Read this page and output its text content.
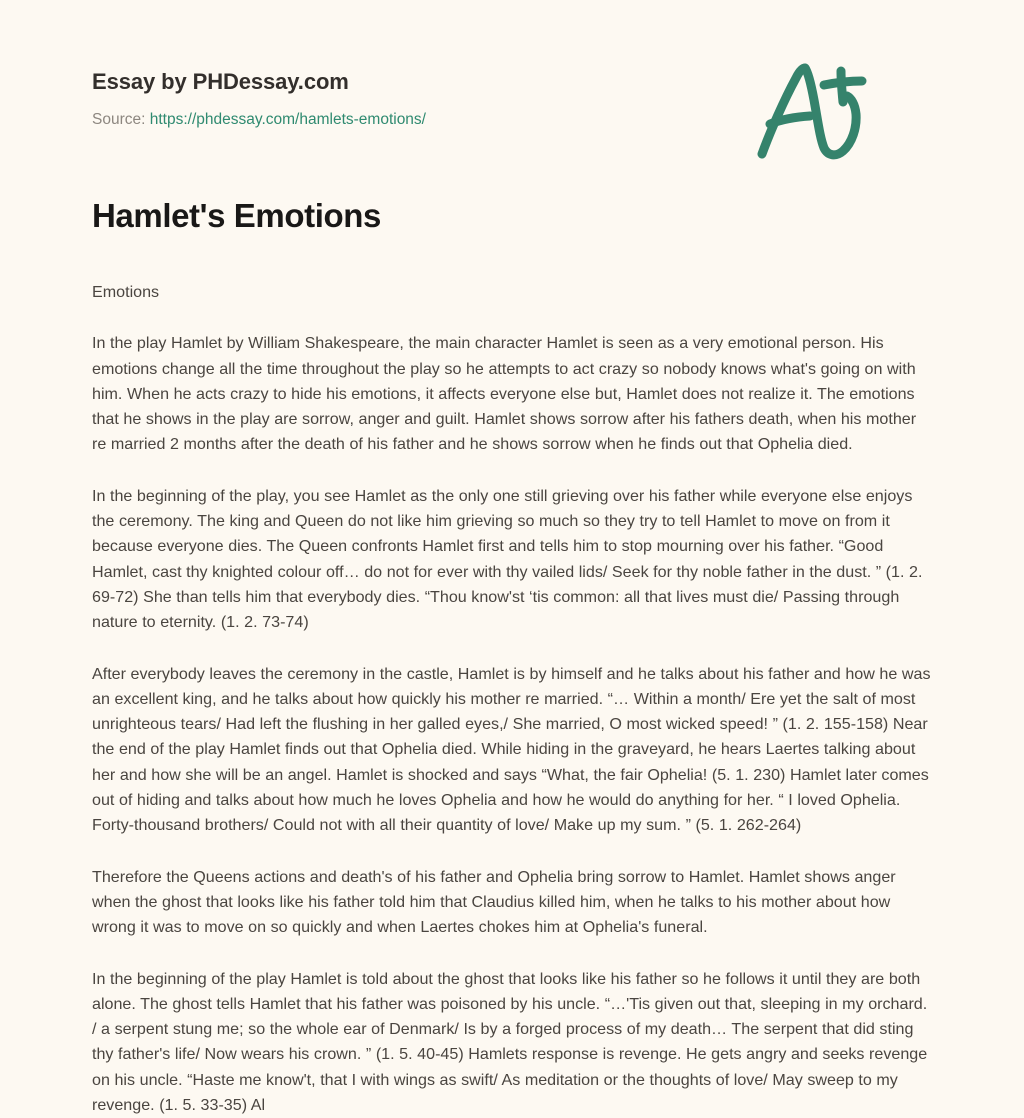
Essay by PHDessay.com
Source: https://phdessay.com/hamlets-emotions/
Hamlet's Emotions

Emotions

In the play Hamlet by William Shakespeare, the main character Hamlet is seen as a very emotional person. His emotions change all the time throughout the play so he attempts to act crazy so nobody knows what's going on with him. When he acts crazy to hide his emotions, it affects everyone else but, Hamlet does not realize it. The emotions that he shows in the play are sorrow, anger and guilt. Hamlet shows sorrow after his fathers death, when his mother re married 2 months after the death of his father and he shows sorrow when he finds out that Ophelia died.

In the beginning of the play, you see Hamlet as the only one still grieving over his father while everyone else enjoys the ceremony. The king and Queen do not like him grieving so much so they try to tell Hamlet to move on from it because everyone dies. The Queen confronts Hamlet first and tells him to stop mourning over his father. “Good Hamlet, cast thy knighted colour off… do not for ever with thy vailed lids/ Seek for thy noble father in the dust. ” (1. 2. 69-72) She than tells him that everybody dies. “Thou know'st ‘tis common: all that lives must die/ Passing through nature to eternity. (1. 2. 73-74)

After everybody leaves the ceremony in the castle, Hamlet is by himself and he talks about his father and how he was an excellent king, and he talks about how quickly his mother re married. “… Within a month/ Ere yet the salt of most unrighteous tears/ Had left the flushing in her galled eyes,/ She married, O most wicked speed! ” (1. 2. 155-158) Near the end of the play Hamlet finds out that Ophelia died. While hiding in the graveyard, he hears Laertes talking about her and how she will be an angel. Hamlet is shocked and says “What, the fair Ophelia! (5. 1. 230) Hamlet later comes out of hiding and talks about how much he loves Ophelia and how he would do anything for her. “ I loved Ophelia. Forty-thousand brothers/ Could not with all their quantity of love/ Make up my sum. ” (5. 1. 262-264)

Therefore the Queens actions and death's of his father and Ophelia bring sorrow to Hamlet. Hamlet shows anger when the ghost that looks like his father told him that Claudius killed him, when he talks to his mother about how wrong it was to move on so quickly and when Laertes chokes him at Ophelia's funeral.

In the beginning of the play Hamlet is told about the ghost that looks like his father so he follows it until they are both alone. The ghost tells Hamlet that his father was poisoned by his uncle. “…'Tis given out that, sleeping in my orchard. / a serpent stung me; so the whole ear of Denmark/ Is by a forged process of my death… The serpent that did sting thy father's life/ Now wears his crown. ” (1. 5. 40-45) Hamlets response is revenge. He gets angry and seeks revenge on his uncle. “Haste me know't, that I with wings as swift/ As meditation or the thoughts of love/ May sweep to my revenge. (1. 5. 33-35) Al
